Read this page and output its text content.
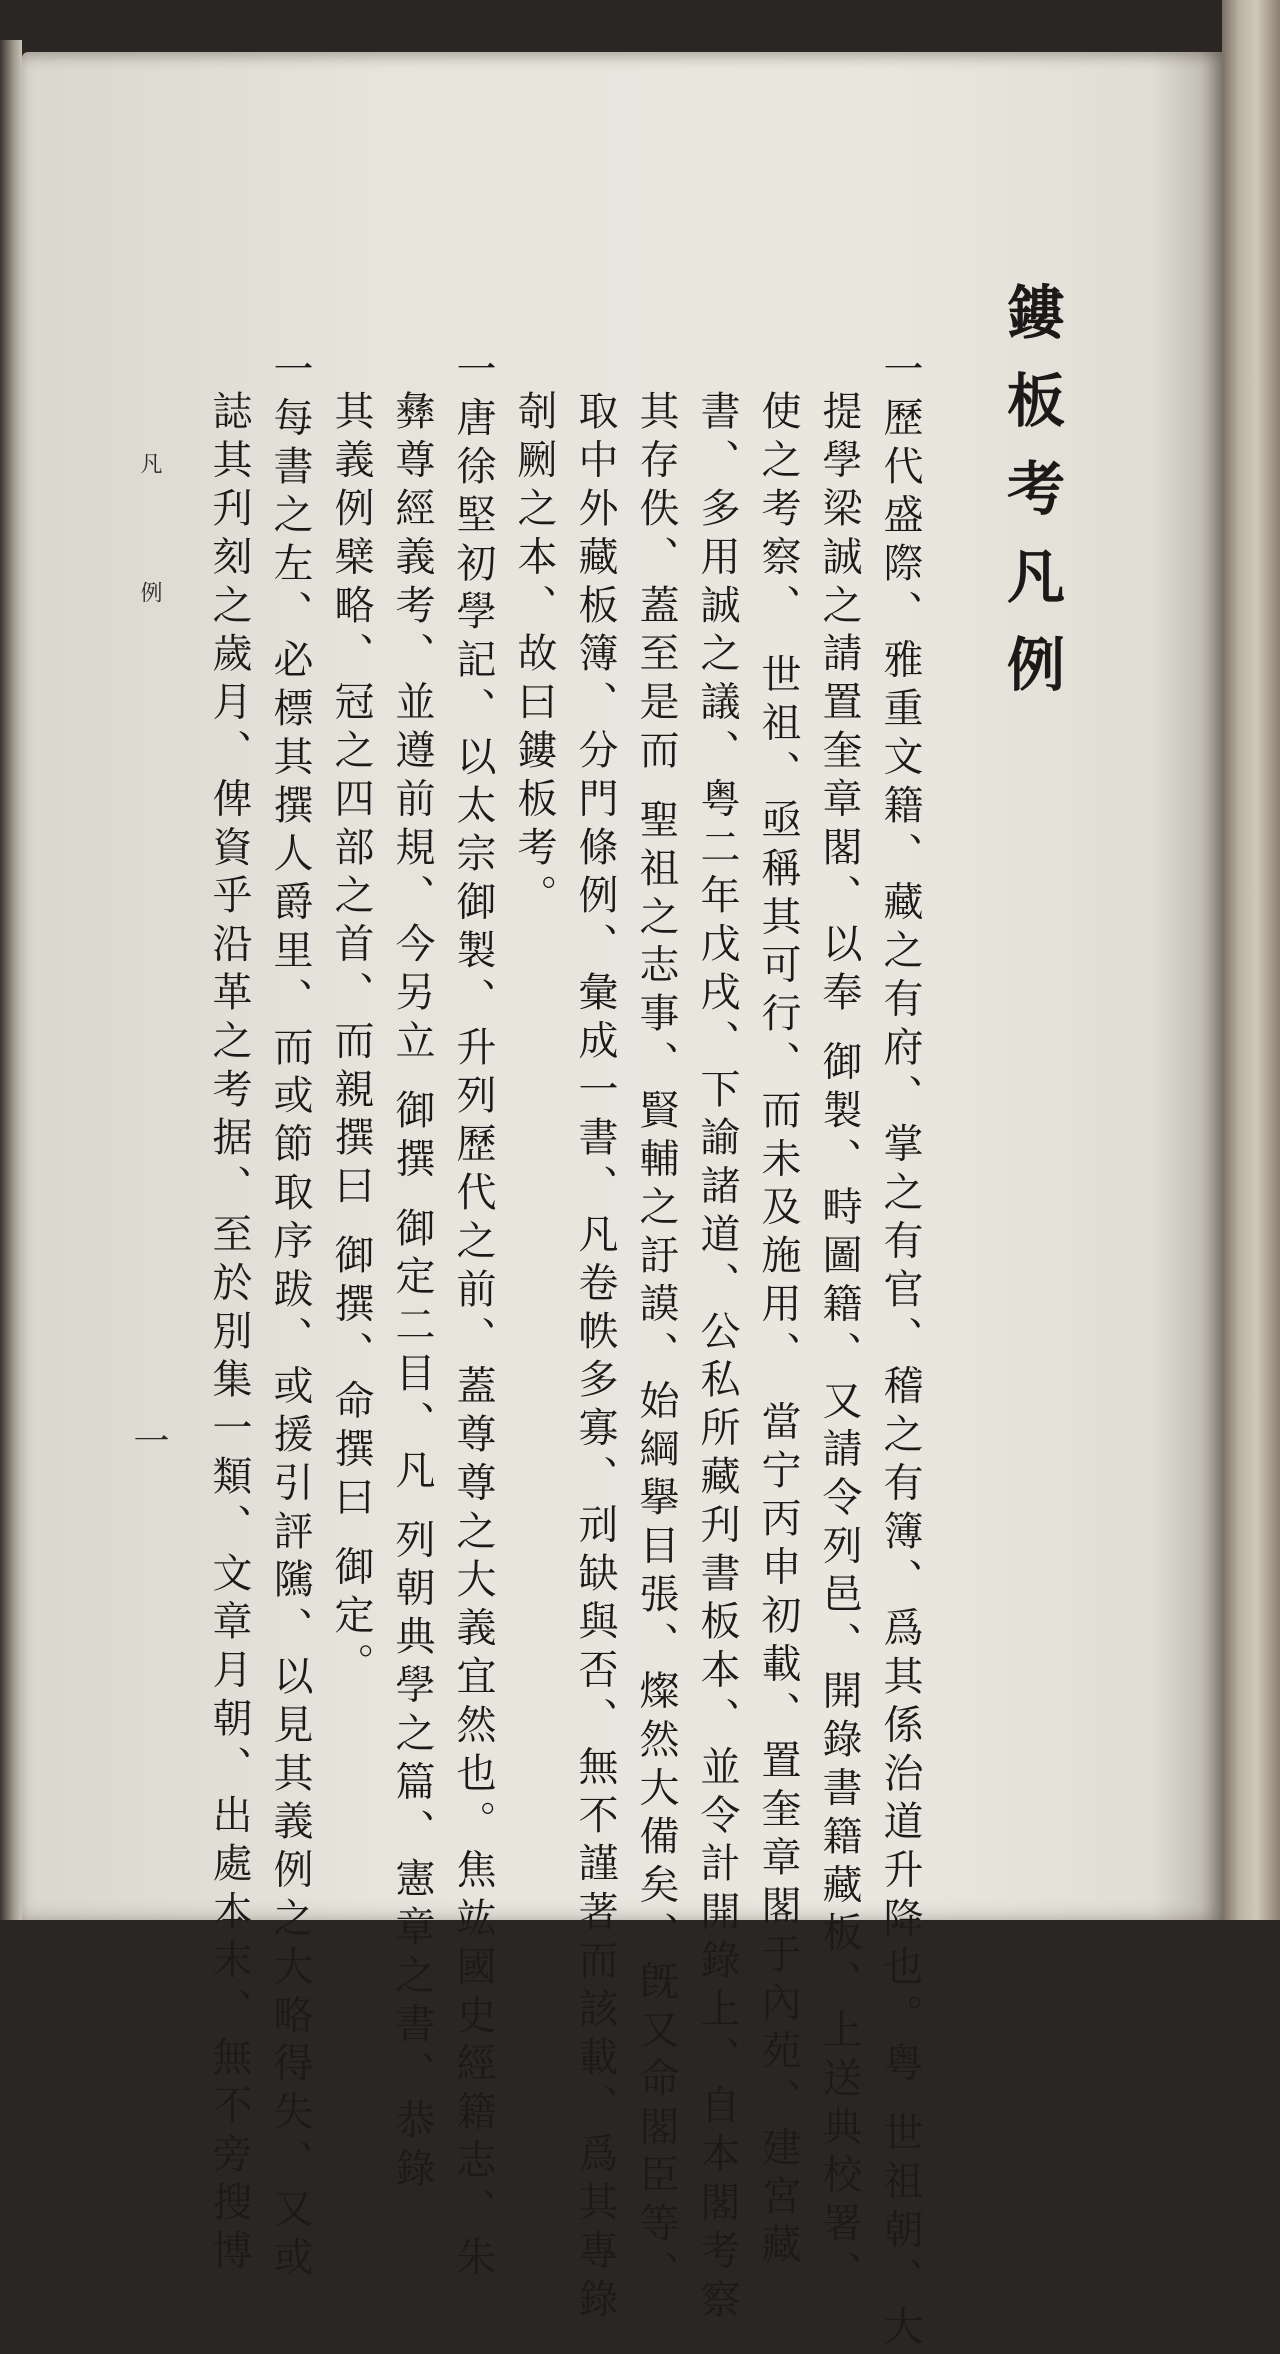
鏤板考凡例
一歷代盛際、雅重文籍、藏之有府、掌之有官、稽之有簿、爲其係治道升降也。粤 世祖朝、大
提學梁誠之請置奎章閣、以奉 御製、畤圖籍、又請令列邑、開錄書籍藏板、上送典校署、
使之考察、 世祖、亟稱其可行、而未及施用、 當宁丙申初載、置奎章閣于內苑、建宮藏
書、多用誠之議、粤二年戊戌、下諭諸道、公私所藏刋書板本、並令計開錄上、自本閣考察
其存佚、蓋至是而 聖祖之志事、賢輔之訏謨、始綱擧目張、燦然大備矣、旣又命閣臣等、
取中外藏板簿、分門條例、彙成一書、凡卷帙多寡、刓缺與否、無不謹著而該載、爲其專錄
剞劂之本、故曰鏤板考。
一唐徐堅初學記、以太宗御製、升列歷代之前、蓋尊尊之大義宜然也。焦竑國史經籍志、朱
彝尊經義考、並遵前規、今另立 御撰 御定二目、凡 列朝典學之篇、憲章之書、恭錄
其義例檗略、冠之四部之首、而親撰曰 御撰、命撰曰 御定。
一每書之左、必標其撰人爵里、而或節取序跋、或援引評隲、以見其義例之大略得失、又或
誌其刋刻之歲月、俾資乎沿革之考据、至於別集一類、文章月朝、出處本末、無不旁搜博
凡 例
一
